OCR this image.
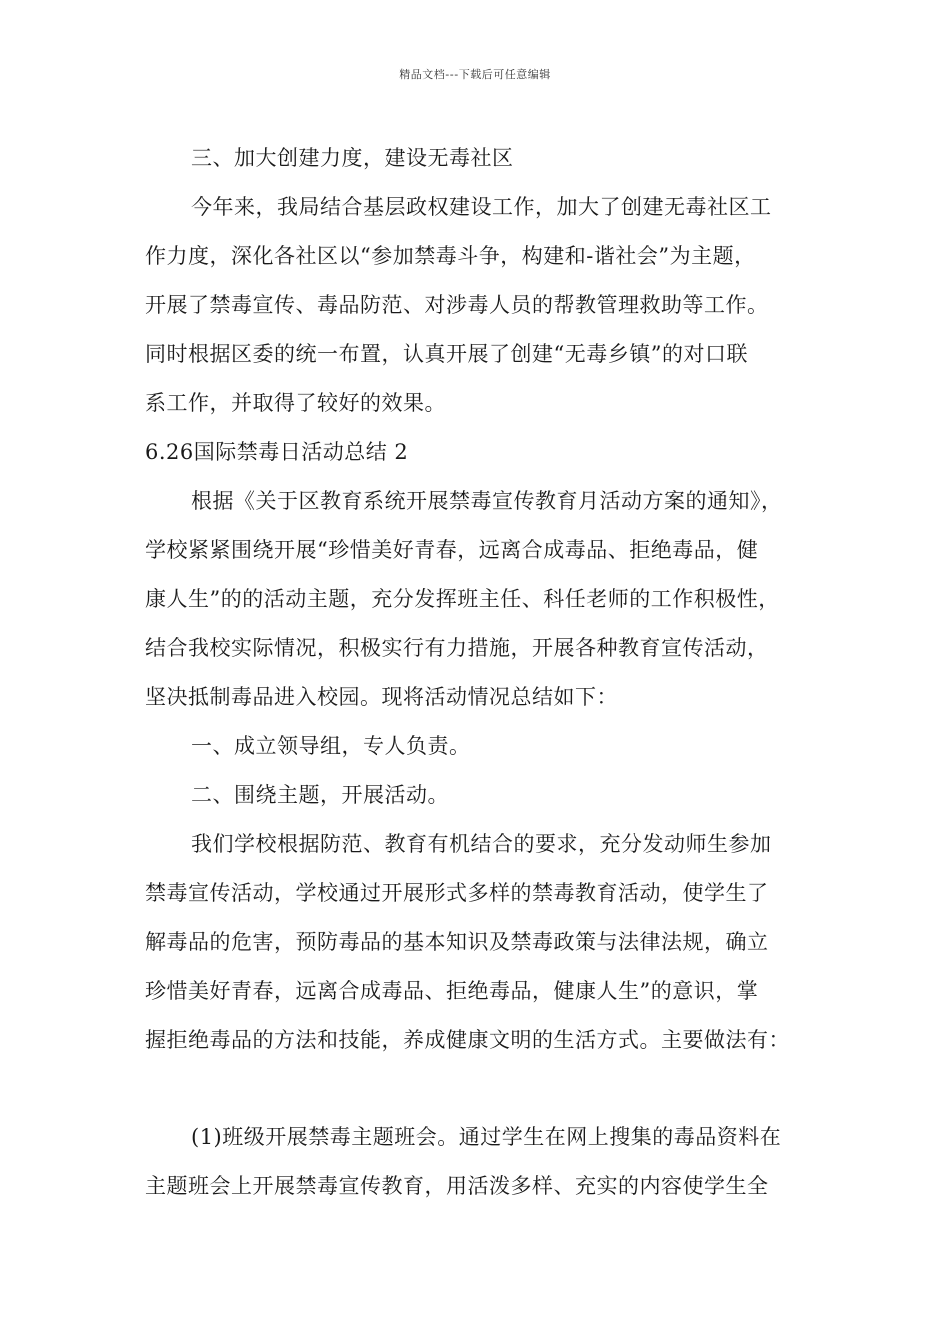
精品文档---下载后可任意编辑
三、加大创建力度，建设无毒社区
今年来，我局结合基层政权建设工作，加大了创建无毒社区工
作力度，深化各社区以“参加禁毒斗争，构建和-谐社会”为主题，
开展了禁毒宣传、毒品防范、对涉毒人员的帮教管理救助等工作。
同时根据区委的统一布置，认真开展了创建“无毒乡镇”的对口联
系工作，并取得了较好的效果。
6.26国际禁毒日活动总结 2
根据《关于区教育系统开展禁毒宣传教育月活动方案的通知》，
学校紧紧围绕开展“珍惜美好青春，远离合成毒品、拒绝毒品，健
康人生”的的活动主题，充分发挥班主任、科任老师的工作积极性，
结合我校实际情况，积极实行有力措施，开展各种教育宣传活动，
坚决抵制毒品进入校园。现将活动情况总结如下：
一、成立领导组，专人负责。
二、围绕主题，开展活动。
我们学校根据防范、教育有机结合的要求，充分发动师生参加
禁毒宣传活动，学校通过开展形式多样的禁毒教育活动，使学生了
解毒品的危害，预防毒品的基本知识及禁毒政策与法律法规，确立
珍惜美好青春，远离合成毒品、拒绝毒品，健康人生”的意识，掌
握拒绝毒品的方法和技能，养成健康文明的生活方式。主要做法有：
(1)班级开展禁毒主题班会。通过学生在网上搜集的毒品资料在
主题班会上开展禁毒宣传教育，用活泼多样、充实的内容使学生全
